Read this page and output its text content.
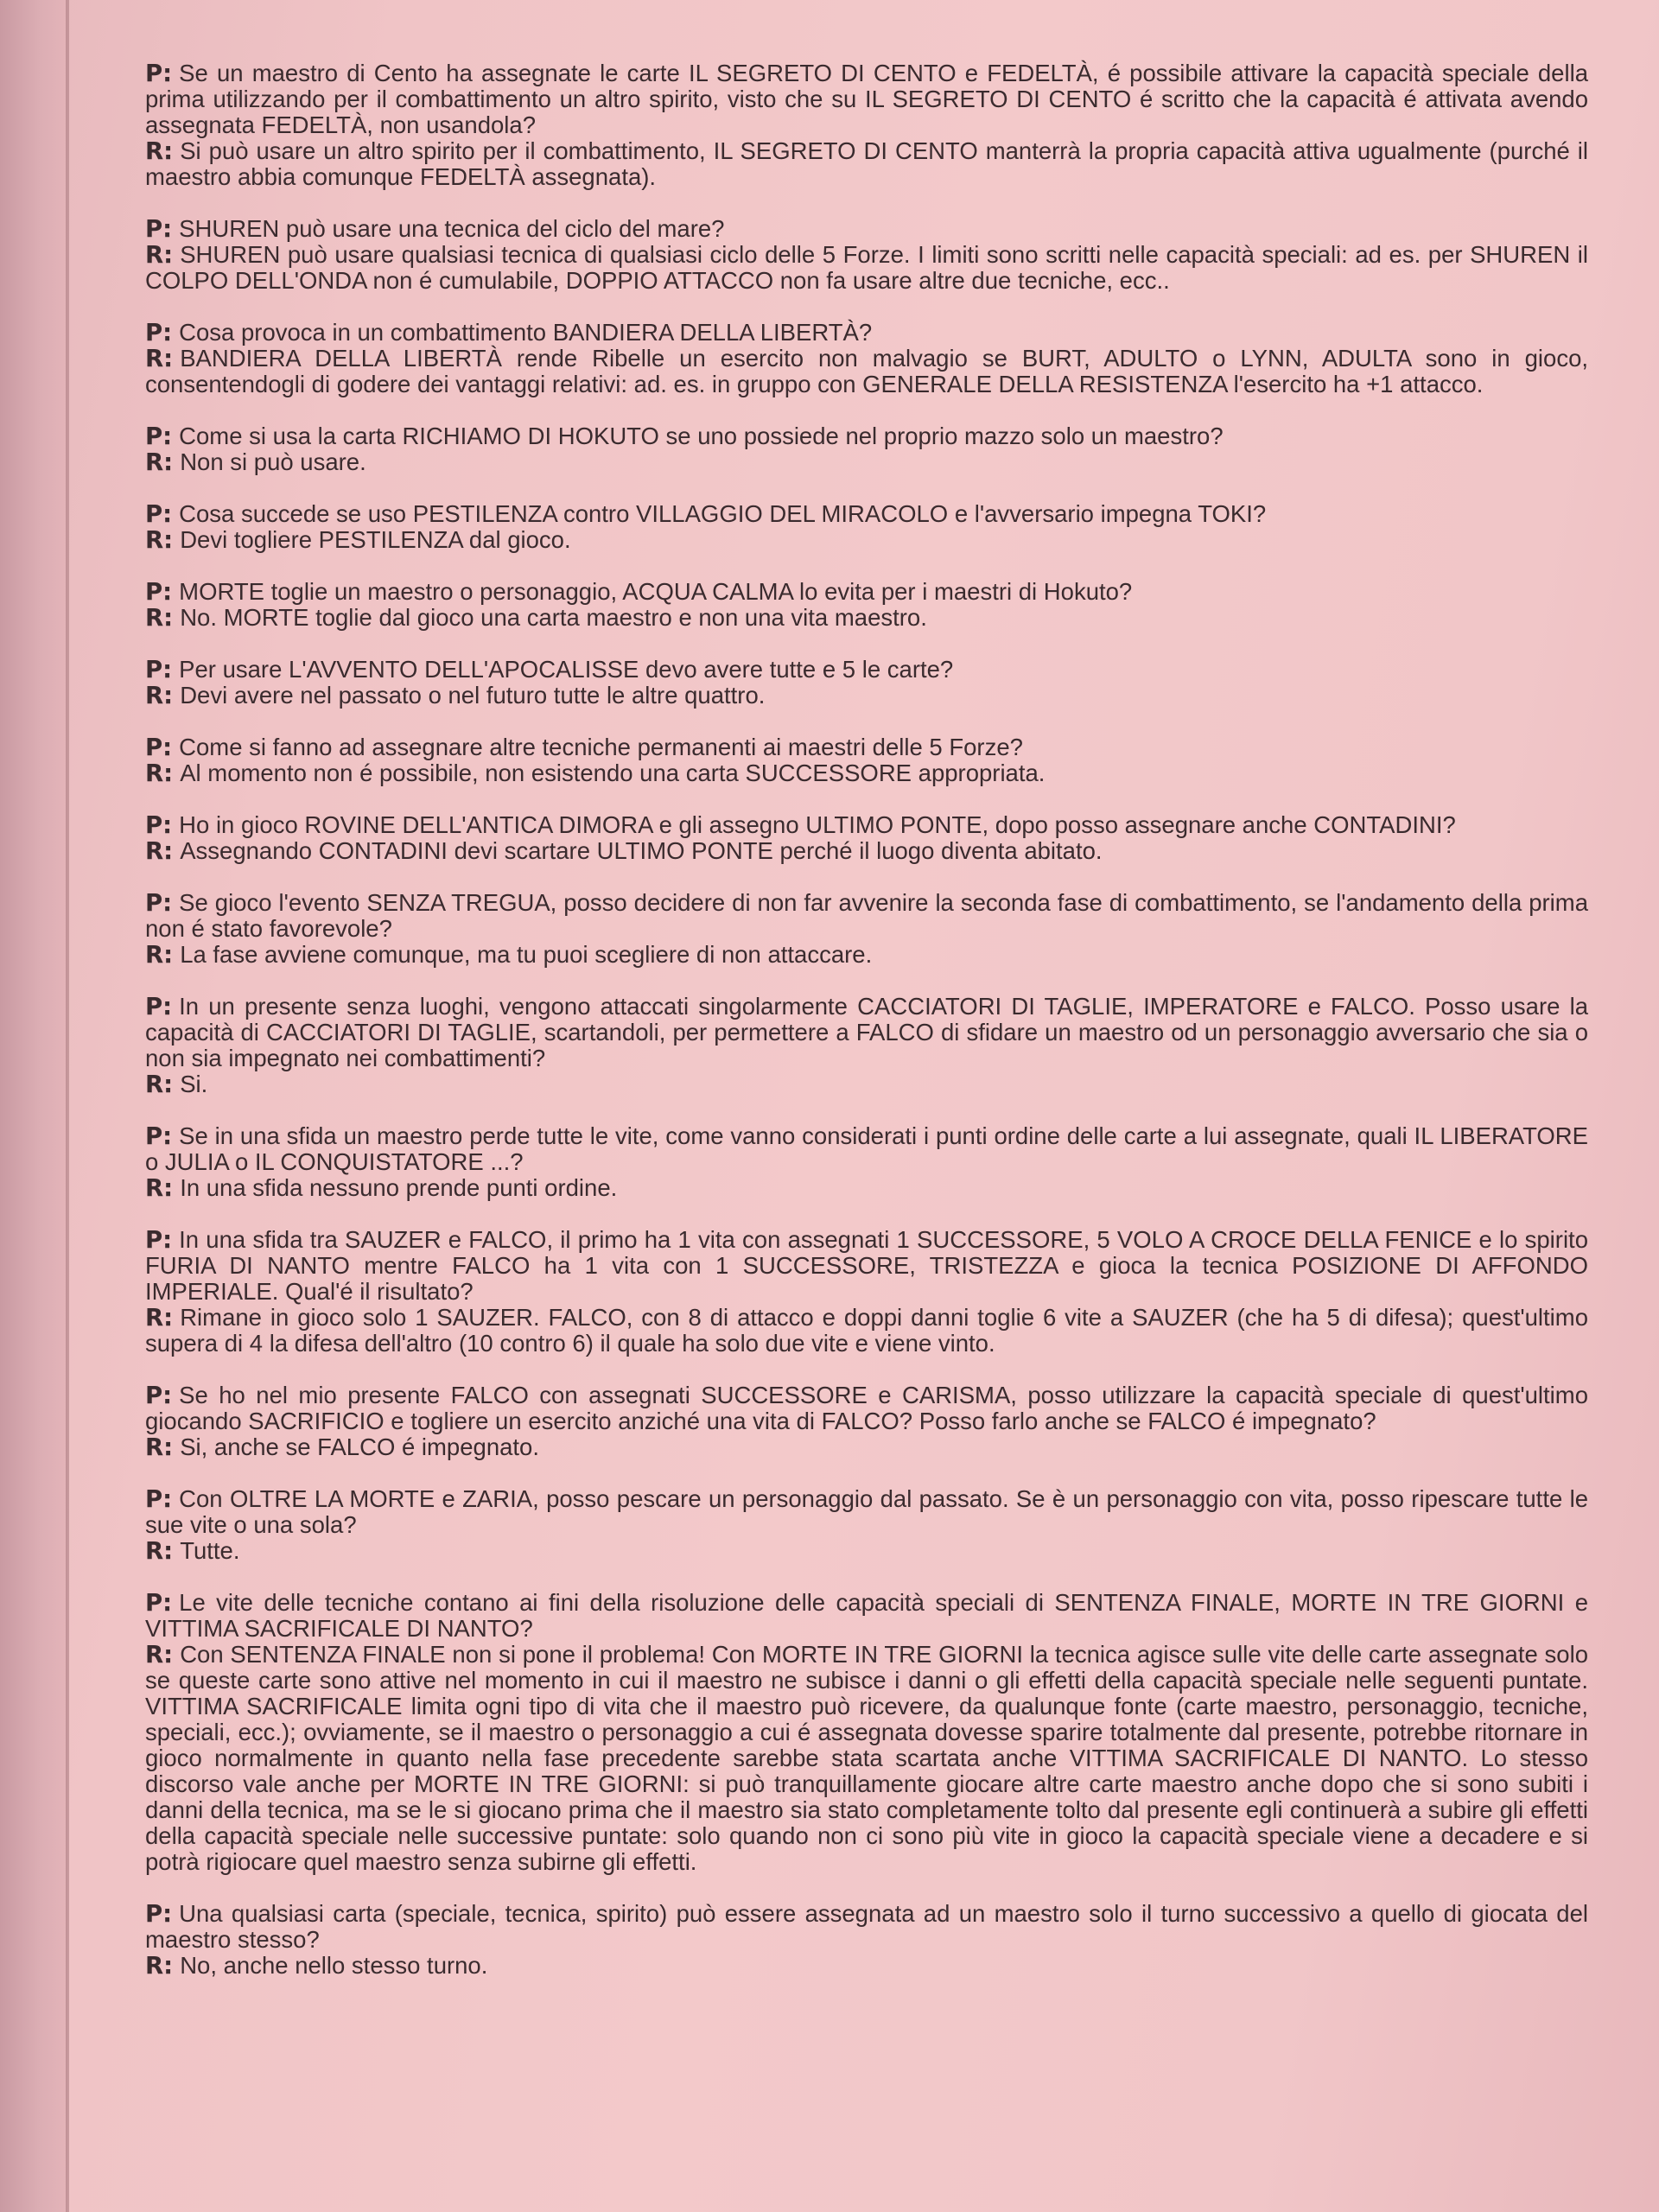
P: Se un maestro di Cento ha assegnate le carte IL SEGRETO DI CENTO e FEDELTÀ, é possibile attivare la capacità speciale della prima utilizzando per il combattimento un altro spirito, visto che su IL SEGRETO DI CENTO é scritto che la capacità é attivata avendo assegnata FEDELTÀ, non usandola?

R: Si può usare un altro spirito per il combattimento, IL SEGRETO DI CENTO manterrà la propria capacità attiva ugualmente (purché il maestro abbia comunque FEDELTÀ assegnata).

P: SHUREN può usare una tecnica del ciclo del mare?

R: SHUREN può usare qualsiasi tecnica di qualsiasi ciclo delle 5 Forze. I limiti sono scritti nelle capacità speciali: ad es. per SHUREN il COLPO DELL'ONDA non é cumulabile, DOPPIO ATTACCO non fa usare altre due tecniche, ecc..

P: Cosa provoca in un combattimento BANDIERA DELLA LIBERTÀ?

R: BANDIERA DELLA LIBERTÀ rende Ribelle un esercito non malvagio se BURT, ADULTO o LYNN, ADULTA sono in gioco, consentendogli di godere dei vantaggi relativi: ad. es. in gruppo con GENERALE DELLA RESISTENZA l'esercito ha +1 attacco.

P: Come si usa la carta RICHIAMO DI HOKUTO se uno possiede nel proprio mazzo solo un maestro?

R: Non si può usare.

P: Cosa succede se uso PESTILENZA contro VILLAGGIO DEL MIRACOLO e l'avversario impegna TOKI?

R: Devi togliere PESTILENZA dal gioco.

P: MORTE toglie un maestro o personaggio, ACQUA CALMA lo evita per i maestri di Hokuto?

R: No. MORTE toglie dal gioco una carta maestro e non una vita maestro.

P: Per usare L'AVVENTO DELL'APOCALISSE devo avere tutte e 5 le carte?

R: Devi avere nel passato o nel futuro tutte le altre quattro.

P: Come si fanno ad assegnare altre tecniche permanenti ai maestri delle 5 Forze?

R: Al momento non é possibile, non esistendo una carta SUCCESSORE appropriata.

P: Ho in gioco ROVINE DELL'ANTICA DIMORA e gli assegno ULTIMO PONTE, dopo posso assegnare anche CONTADINI?

R: Assegnando CONTADINI devi scartare ULTIMO PONTE perché il luogo diventa abitato.

P: Se gioco l'evento SENZA TREGUA, posso decidere di non far avvenire la seconda fase di combattimento, se l'andamento della prima non é stato favorevole?

R: La fase avviene comunque, ma tu puoi scegliere di non attaccare.

P: In un presente senza luoghi, vengono attaccati singolarmente CACCIATORI DI TAGLIE, IMPERATORE e FALCO. Posso usare la capacità di CACCIATORI DI TAGLIE, scartandoli, per permettere a FALCO di sfidare un maestro od un personaggio avversario che sia o non sia impegnato nei combattimenti?

R: Si.

P: Se in una sfida un maestro perde tutte le vite, come vanno considerati i punti ordine delle carte a lui assegnate, quali IL LIBERATORE o JULIA o IL CONQUISTATORE ...?

R: In una sfida nessuno prende punti ordine.

P: In una sfida tra SAUZER e FALCO, il primo ha 1 vita con assegnati 1 SUCCESSORE, 5 VOLO A CROCE DELLA FENICE e lo spirito FURIA DI NANTO mentre FALCO ha 1 vita con 1 SUCCESSORE, TRISTEZZA e gioca la tecnica POSIZIONE DI AFFONDO IMPERIALE. Qual'é il risultato?

R: Rimane in gioco solo 1 SAUZER. FALCO, con 8 di attacco e doppi danni toglie 6 vite a SAUZER (che ha 5 di difesa); quest'ultimo supera di 4 la difesa dell'altro (10 contro 6) il quale ha solo due vite e viene vinto.

P: Se ho nel mio presente FALCO con assegnati SUCCESSORE e CARISMA, posso utilizzare la capacità speciale di quest'ultimo giocando SACRIFICIO e togliere un esercito anziché una vita di FALCO? Posso farlo anche se FALCO é impegnato?

R: Si, anche se FALCO é impegnato.

P: Con OLTRE LA MORTE e ZARIA, posso pescare un personaggio dal passato. Se è un personaggio con vita, posso ripescare tutte le sue vite o una sola?

R: Tutte.

P: Le vite delle tecniche contano ai fini della risoluzione delle capacità speciali di SENTENZA FINALE, MORTE IN TRE GIORNI e VITTIMA SACRIFICALE DI NANTO?

R: Con SENTENZA FINALE non si pone il problema! Con MORTE IN TRE GIORNI la tecnica agisce sulle vite delle carte assegnate solo se queste carte sono attive nel momento in cui il maestro ne subisce i danni o gli effetti della capacità speciale nelle seguenti puntate. VITTIMA SACRIFICALE limita ogni tipo di vita che il maestro può ricevere, da qualunque fonte (carte maestro, personaggio, tecniche, speciali, ecc.); ovviamente, se il maestro o personaggio a cui é assegnata dovesse sparire totalmente dal presente, potrebbe ritornare in gioco normalmente in quanto nella fase precedente sarebbe stata scartata anche VITTIMA SACRIFICALE DI NANTO. Lo stesso discorso vale anche per MORTE IN TRE GIORNI: si può tranquillamente giocare altre carte maestro anche dopo che si sono subiti i danni della tecnica, ma se le si giocano prima che il maestro sia stato completamente tolto dal presente egli continuerà a subire gli effetti della capacità speciale nelle successive puntate: solo quando non ci sono più vite in gioco la capacità speciale viene a decadere e si potrà rigiocare quel maestro senza subirne gli effetti.

P: Una qualsiasi carta (speciale, tecnica, spirito) può essere assegnata ad un maestro solo il turno successivo a quello di giocata del maestro stesso?

R: No, anche nello stesso turno.
